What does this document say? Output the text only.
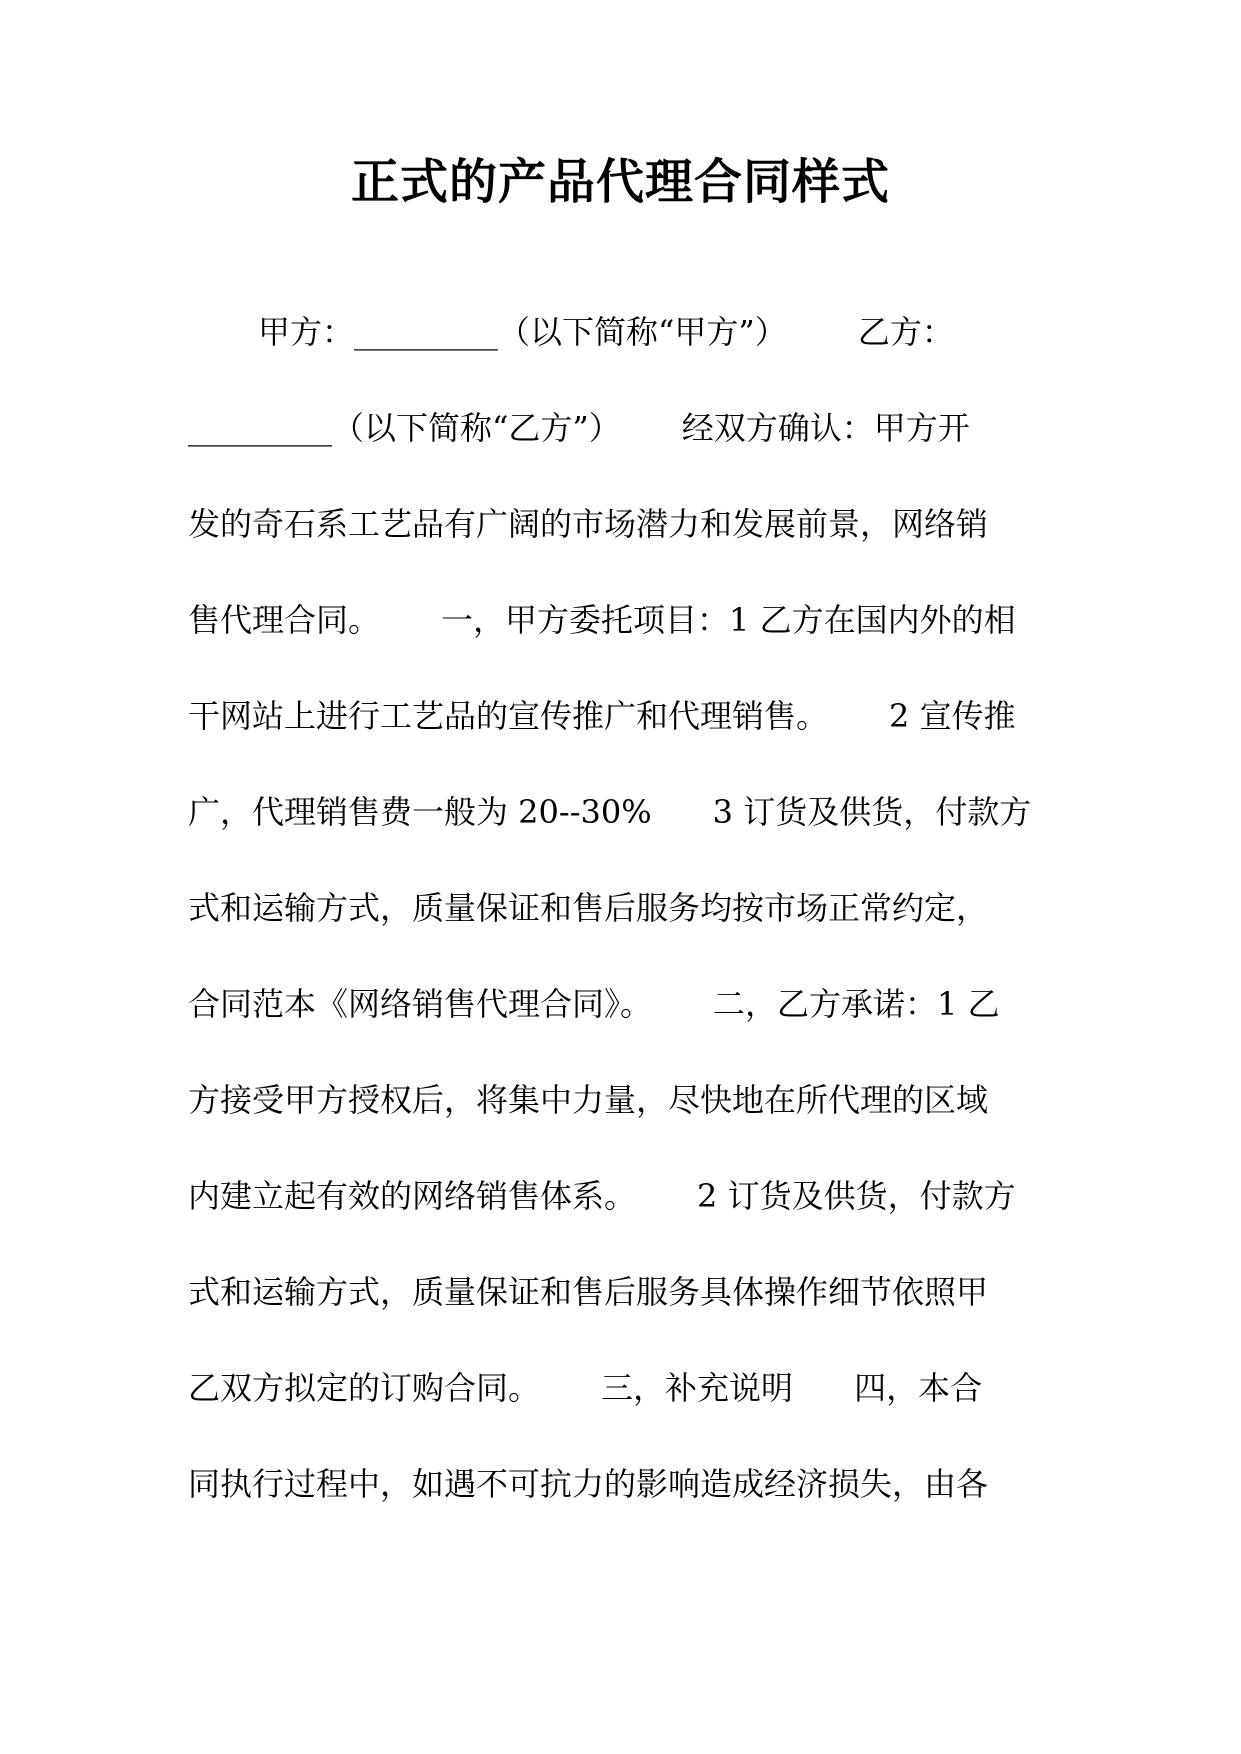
正式的产品代理合同样式
甲方：_________（以下简称“甲方”）       乙方：
_________（以下简称“乙方”）      经双方确认：甲方开
发的奇石系工艺品有广阔的市场潜力和发展前景，网络销
售代理合同。      一，甲方委托项目：1 乙方在国内外的相
干网站上进行工艺品的宣传推广和代理销售。      2 宣传推
广，代理销售费一般为 20--30%      3 订货及供货，付款方
式和运输方式，质量保证和售后服务均按市场正常约定，
合同范本《网络销售代理合同》。      二，乙方承诺：1 乙
方接受甲方授权后，将集中力量，尽快地在所代理的区域
内建立起有效的网络销售体系。      2 订货及供货，付款方
式和运输方式，质量保证和售后服务具体操作细节依照甲
乙双方拟定的订购合同。      三，补充说明      四，本合
同执行过程中，如遇不可抗力的影响造成经济损失，由各
